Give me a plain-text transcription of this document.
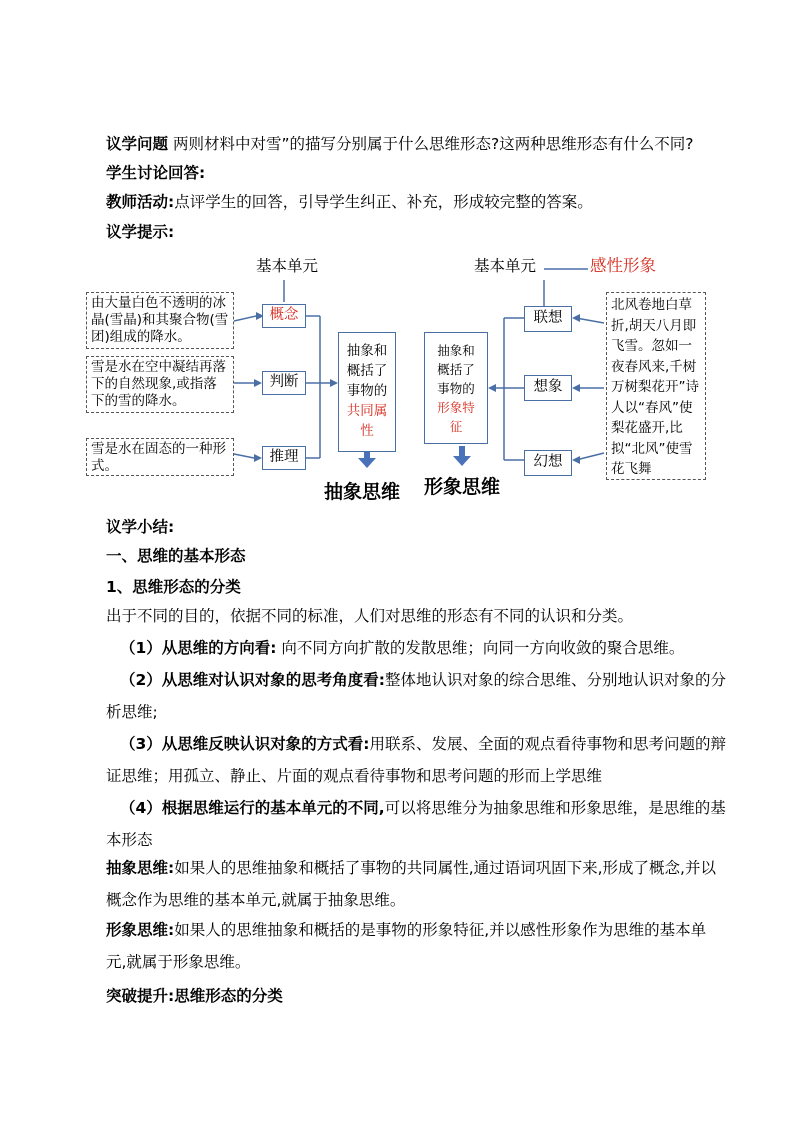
议学问题 两则材料中对雪”的描写分别属于什么思维形态?这两种思维形态有什么不同?
学生讨论回答:
教师活动:点评学生的回答，引导学生纠正、补充，形成较完整的答案。
议学提示:
基本单元	基本单元	感性形象
由大量白色不透明的冰晶(雪晶)和其聚合物(雪团)组成的降水。
雪是水在空中凝结再落下的自然现象,或指落下的雪的降水。
雪是水在固态的一种形式。
概念
判断
推理
抽象和
概括了
事物的
共同属
性
抽象和
概括了
事物的
形象特
征
联想
想象
幻想
北风卷地白草折,胡天八月即飞雪。忽如一夜春风来,千树万树梨花开”诗人以“春风”使梨花盛开,比拟“北风”使雪花飞舞
抽象思维 形象思维
议学小结:
一、思维的基本形态
1、思维形态的分类
出于不同的目的，依据不同的标准，人们对思维的形态有不同的认识和分类。
（1）从思维的方向看: 向不同方向扩散的发散思维；向同一方向收敛的聚合思维。
（2）从思维对认识对象的思考角度看:整体地认识对象的综合思维、分别地认识对象的分析思维;
（3）从思维反映认识对象的方式看:用联系、发展、全面的观点看待事物和思考问题的辩证思维；用孤立、静止、片面的观点看待事物和思考问题的形而上学思维
（4）根据思维运行的基本单元的不同,可以将思维分为抽象思维和形象思维，是思维的基本形态
抽象思维:如果人的思维抽象和概括了事物的共同属性,通过语词巩固下来,形成了概念,并以概念作为思维的基本单元,就属于抽象思维。
形象思维:如果人的思维抽象和概括的是事物的形象特征,并以感性形象作为思维的基本单元,就属于形象思维。
突破提升:思维形态的分类
